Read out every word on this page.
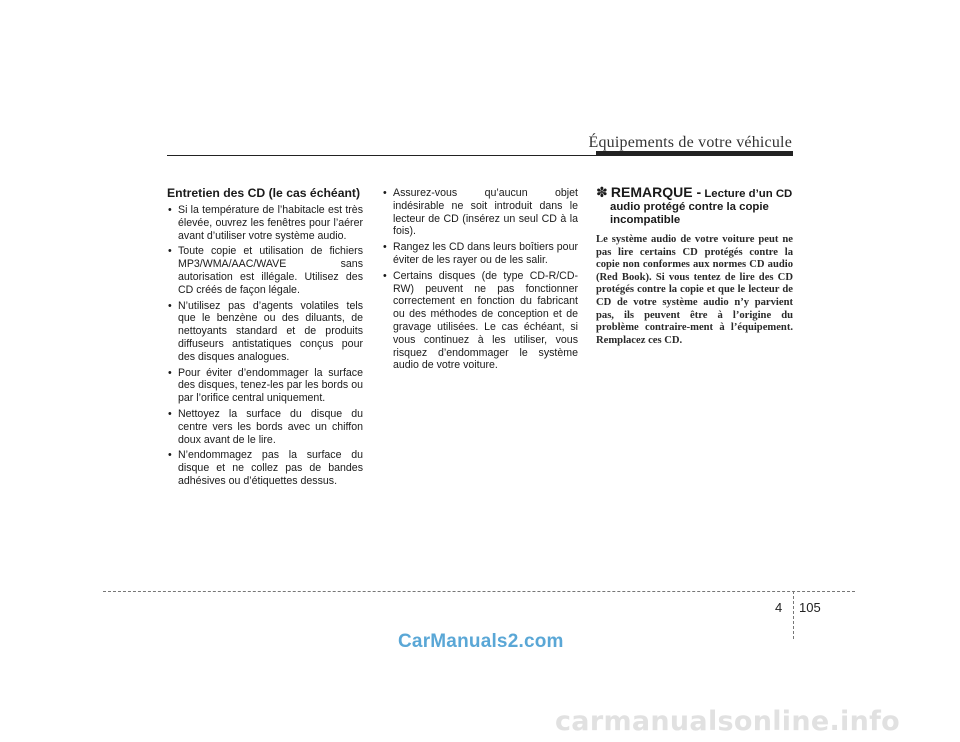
Équipements de votre véhicule
Entretien des CD (le cas échéant)
• Si la température de l’habitacle est très élevée, ouvrez les fenêtres pour l’aérer avant d’utiliser votre système audio.
• Toute copie et utilisation de fichiers MP3/WMA/AAC/WAVE sans autorisation est illégale. Utilisez des CD créés de façon légale.
• N’utilisez pas d’agents volatiles tels que le benzène ou des diluants, de nettoyants standard et de produits diffuseurs antistatiques conçus pour des disques analogues.
• Pour éviter d’endommager la surface des disques, tenez-les par les bords ou par l’orifice central uniquement.
• Nettoyez la surface du disque du centre vers les bords avec un chiffon doux avant de le lire.
• N’endommagez pas la surface du disque et ne collez pas de bandes adhésives ou d’étiquettes dessus.
• Assurez-vous qu’aucun objet indésirable ne soit introduit dans le lecteur de CD (insérez un seul CD à la fois).
• Rangez les CD dans leurs boîtiers pour éviter de les rayer ou de les salir.
• Certains disques (de type CD-R/CD-RW) peuvent ne pas fonctionner correctement en fonction du fabricant ou des méthodes de conception et de gravage utilisées. Le cas échéant, si vous continuez à les utiliser, vous risquez d’endommager le système audio de votre voiture.
✽ REMARQUE - Lecture d’un CD audio protégé contre la copie incompatible

Le système audio de votre voiture peut ne pas lire certains CD protégés contre la copie non conformes aux normes CD audio (Red Book). Si vous tentez de lire des CD protégés contre la copie et que le lecteur de CD de votre système audio n’y parvient pas, ils peuvent être à l’origine du problème contraire-ment à l’équipement. Remplacez ces CD.

4 105
CarManuals2.com
carmanualsonline.info
